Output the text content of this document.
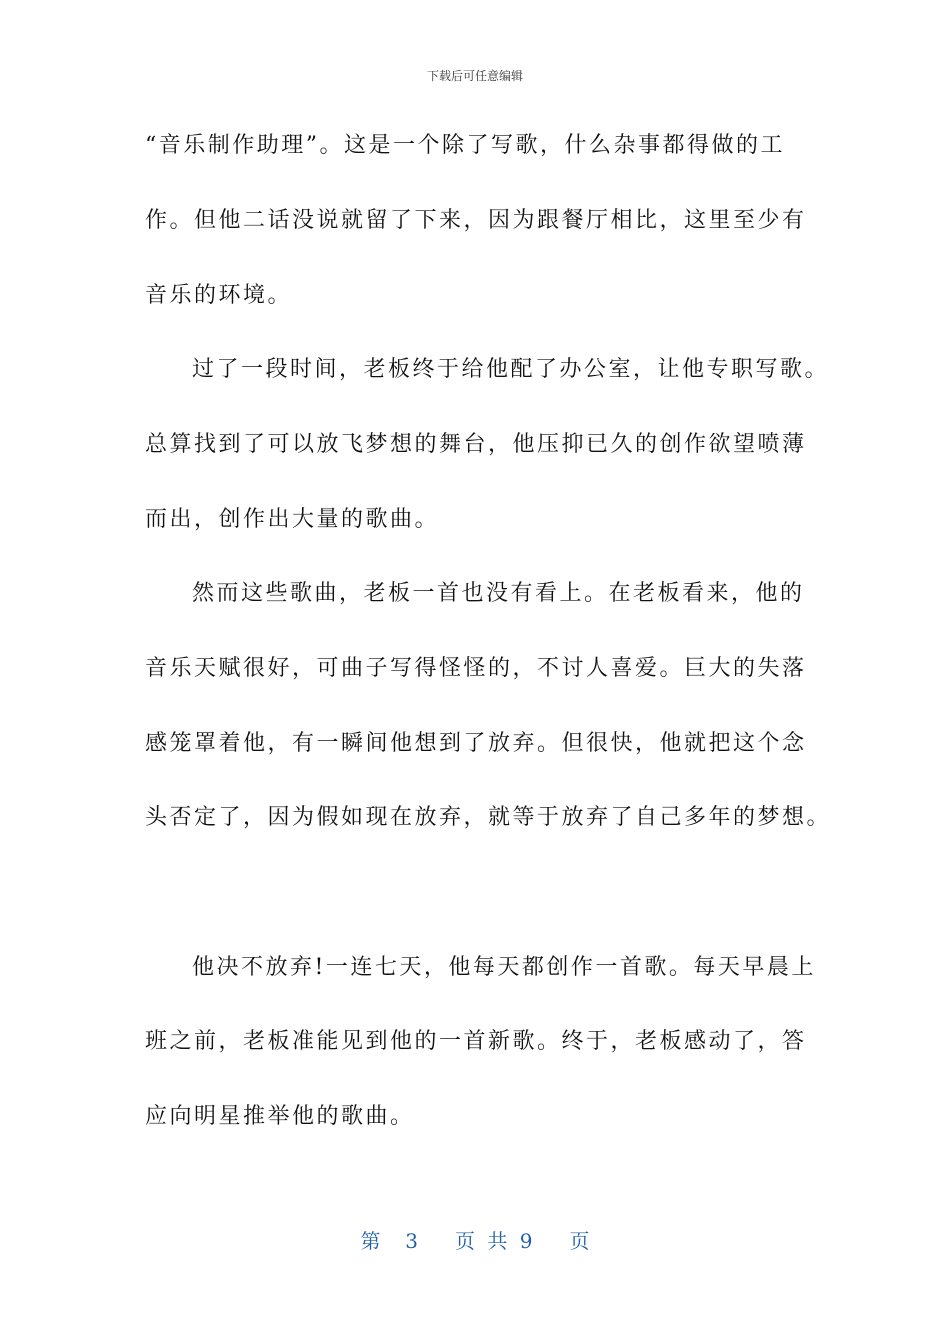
下载后可任意编辑
“音乐制作助理”。这是一个除了写歌，什么杂事都得做的工
作。但他二话没说就留了下来，因为跟餐厅相比，这里至少有
音乐的环境。
过了一段时间，老板终于给他配了办公室，让他专职写歌。
总算找到了可以放飞梦想的舞台，他压抑已久的创作欲望喷薄
而出，创作出大量的歌曲。
然而这些歌曲，老板一首也没有看上。在老板看来，他的
音乐天赋很好，可曲子写得怪怪的，不讨人喜爱。巨大的失落
感笼罩着他，有一瞬间他想到了放弃。但很快，他就把这个念
头否定了，因为假如现在放弃，就等于放弃了自己多年的梦想。
他决不放弃!一连七天，他每天都创作一首歌。每天早晨上
班之前，老板准能见到他的一首新歌。终于，老板感动了，答
应向明星推举他的歌曲。
第  3   页 共 9   页
